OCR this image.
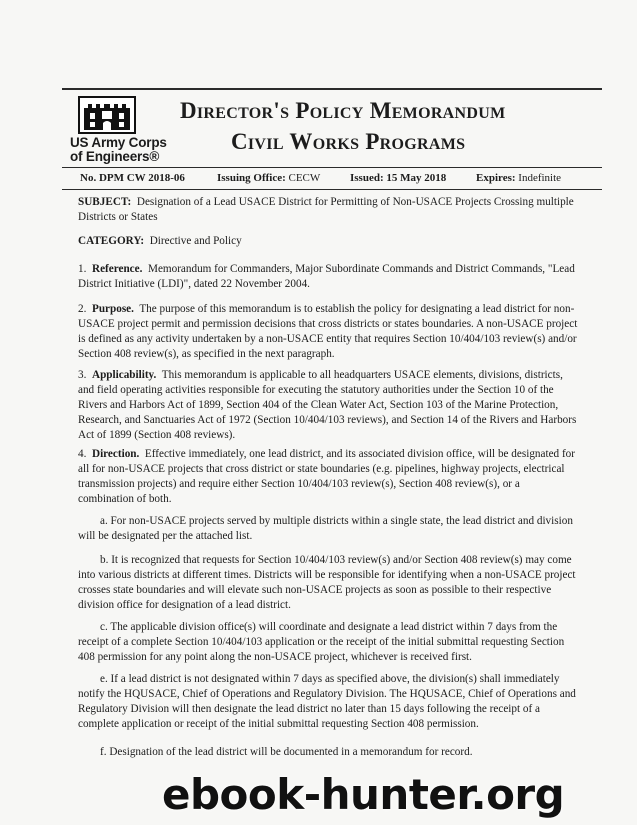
US Army Corps
of Engineers®
Director's Policy Memorandum
Civil Works Programs
No. DPM CW 2018-06	Issuing Office: CECW	Issued: 15 May 2018	Expires: Indefinite
SUBJECT: Designation of a Lead USACE District for Permitting of Non-USACE Projects Crossing multiple Districts or States
CATEGORY: Directive and Policy
1. Reference. Memorandum for Commanders, Major Subordinate Commands and District Commands, "Lead District Initiative (LDI)", dated 22 November 2004.
2. Purpose. The purpose of this memorandum is to establish the policy for designating a lead district for non-USACE project permit and permission decisions that cross districts or states boundaries. A non-USACE project is defined as any activity undertaken by a non-USACE entity that requires Section 10/404/103 review(s) and/or Section 408 review(s), as specified in the next paragraph.
3. Applicability. This memorandum is applicable to all headquarters USACE elements, divisions, districts, and field operating activities responsible for executing the statutory authorities under the Section 10 of the Rivers and Harbors Act of 1899, Section 404 of the Clean Water Act, Section 103 of the Marine Protection, Research, and Sanctuaries Act of 1972 (Section 10/404/103 reviews), and Section 14 of the Rivers and Harbors Act of 1899 (Section 408 reviews).
4. Direction. Effective immediately, one lead district, and its associated division office, will be designated for all for non-USACE projects that cross district or state boundaries (e.g. pipelines, highway projects, electrical transmission projects) and require either Section 10/404/103 review(s), Section 408 review(s), or a combination of both.
a. For non-USACE projects served by multiple districts within a single state, the lead district and division will be designated per the attached list.
b. It is recognized that requests for Section 10/404/103 review(s) and/or Section 408 review(s) may come into various districts at different times. Districts will be responsible for identifying when a non-USACE project crosses state boundaries and will elevate such non-USACE projects as soon as possible to their respective division office for designation of a lead district.
c. The applicable division office(s) will coordinate and designate a lead district within 7 days from the receipt of a complete Section 10/404/103 application or the receipt of the initial submittal requesting Section 408 permission for any point along the non-USACE project, whichever is received first.
e. If a lead district is not designated within 7 days as specified above, the division(s) shall immediately notify the HQUSACE, Chief of Operations and Regulatory Division. The HQUSACE, Chief of Operations and Regulatory Division will then designate the lead district no later than 15 days following the receipt of a complete application or receipt of the initial submittal requesting Section 408 permission.
f. Designation of the lead district will be documented in a memorandum for record.
ebook-hunter.org
